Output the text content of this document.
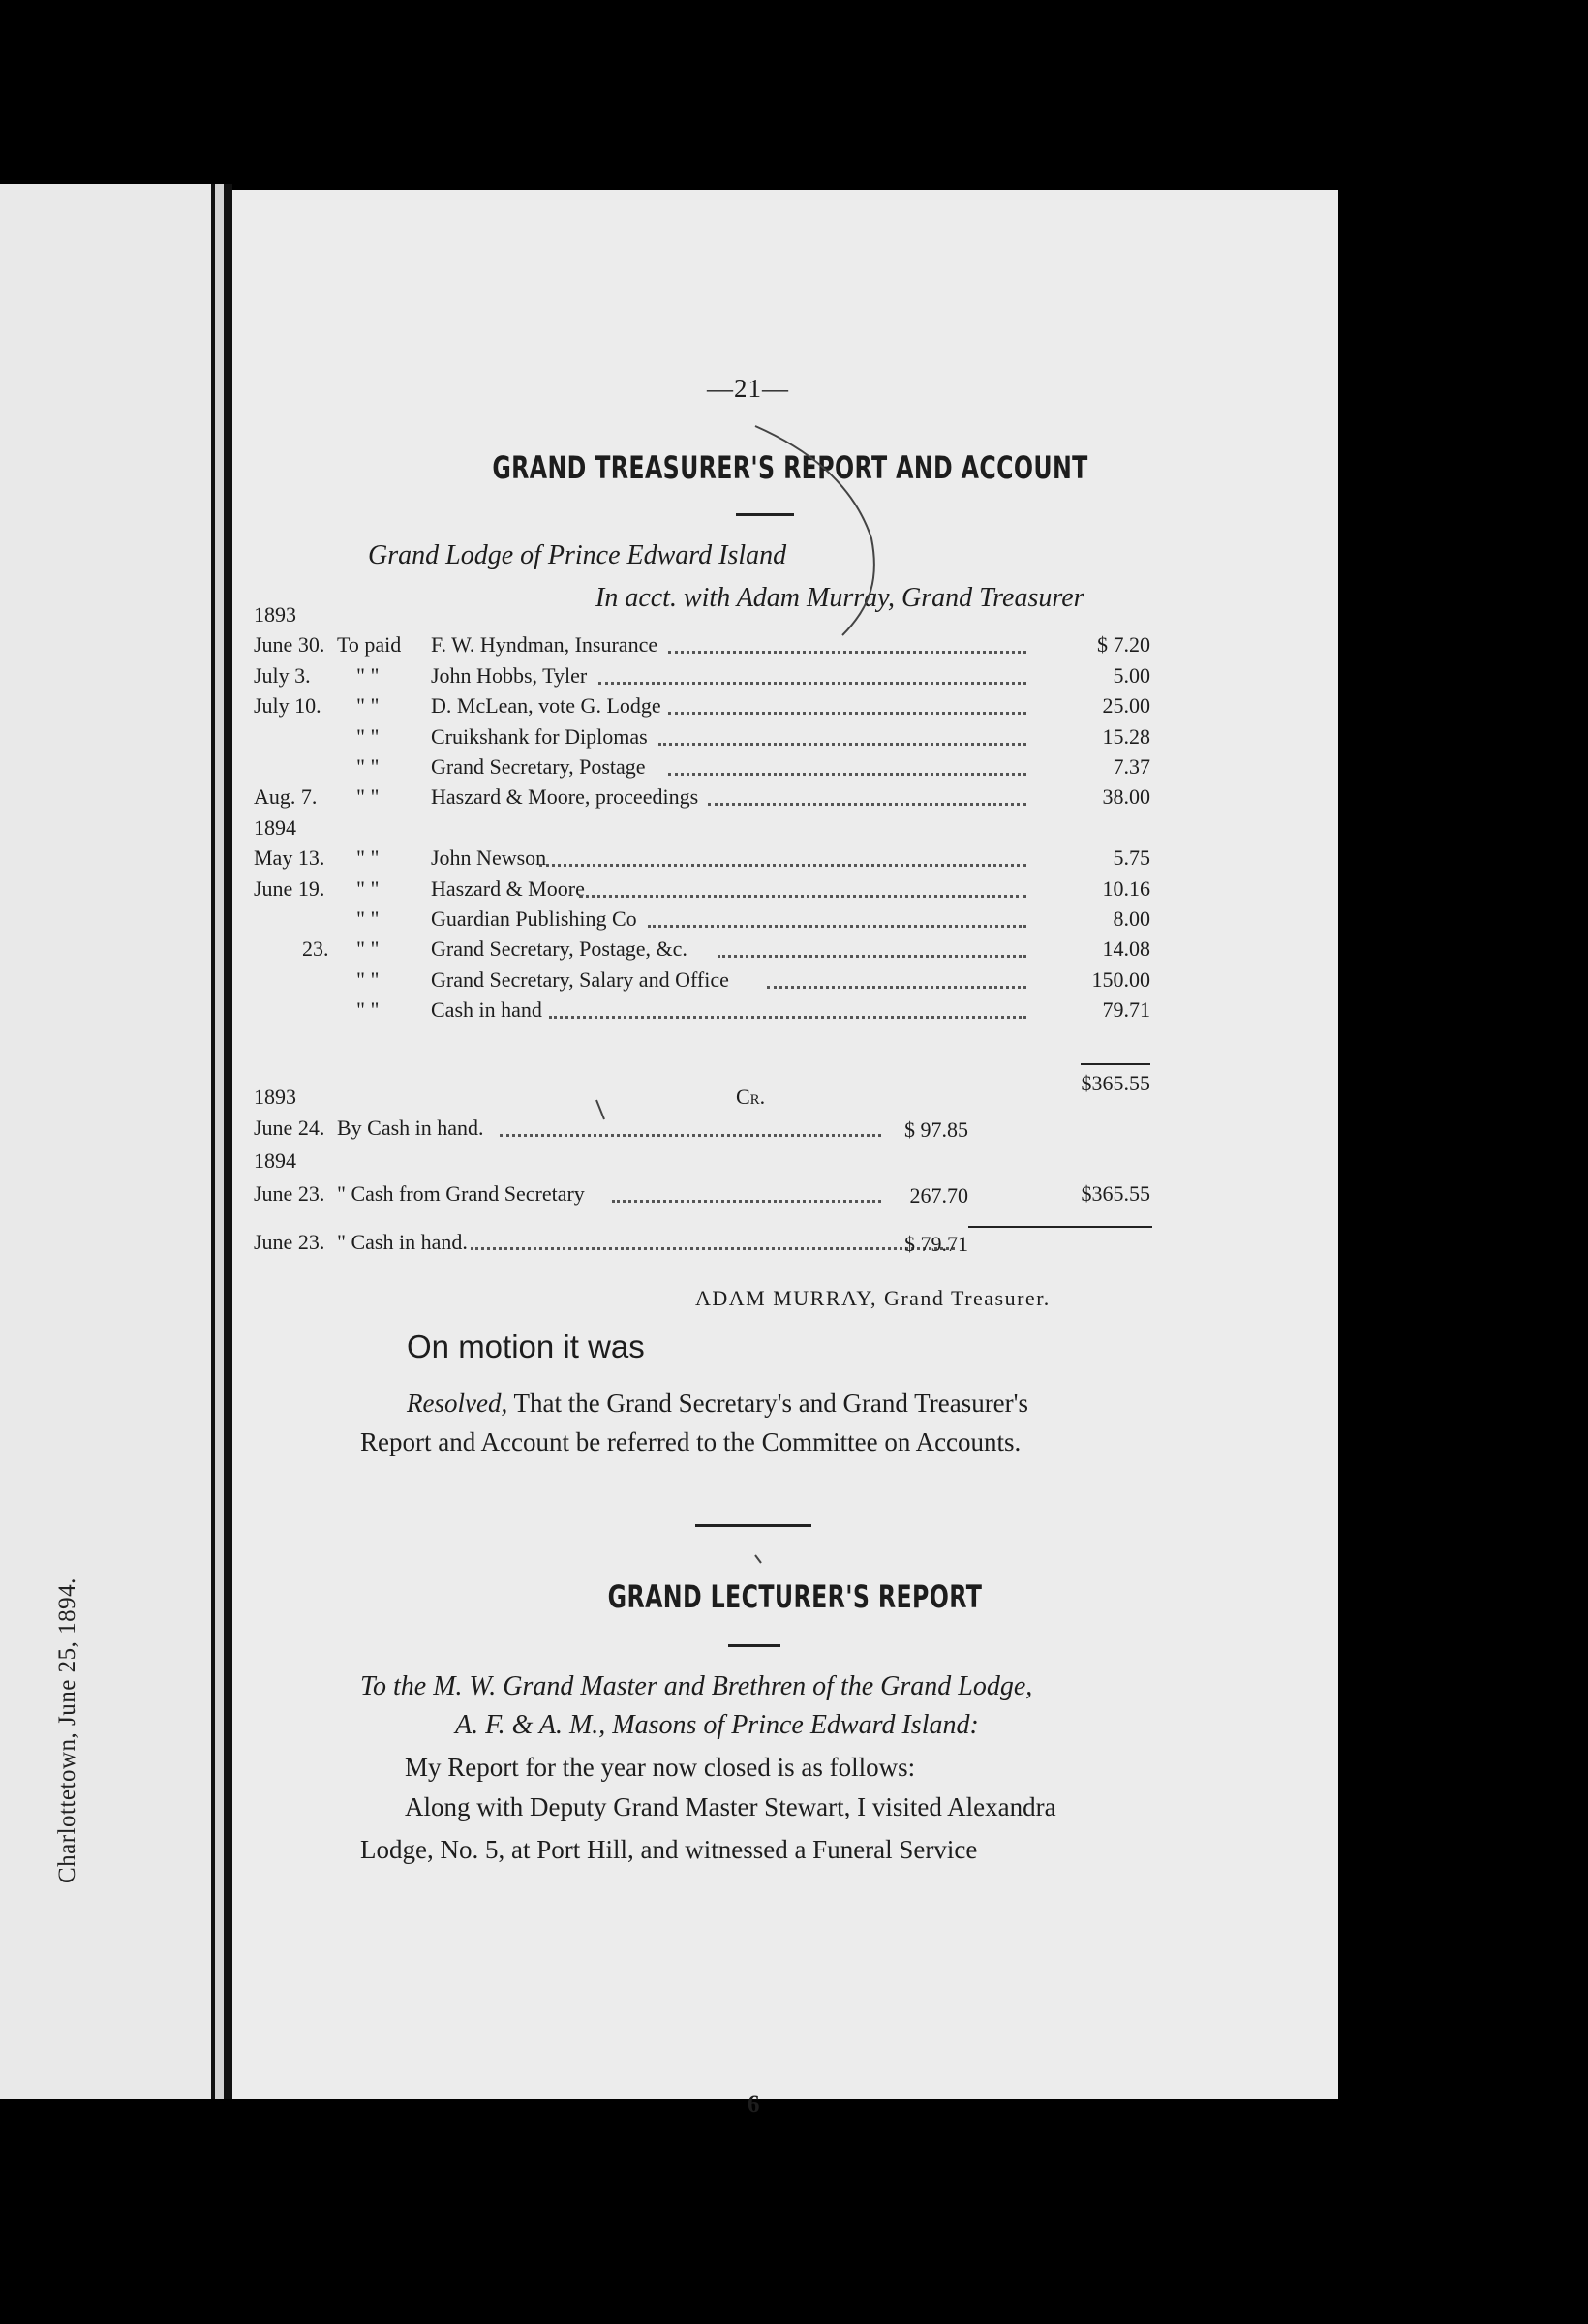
Charlottetown, June 25, 1894.
—21—
GRAND TREASURER'S REPORT AND ACCOUNT
Grand Lodge of Prince Edward Island
In acct. with Adam Murray, Grand Treasurer
1893
June 30. To paid F. W. Hyndman, Insurance	$ 7.20
July 3. " " John Hobbs, Tyler	5.00
July 10. " " D. McLean, vote G. Lodge	25.00
" " Cruikshank for Diplomas	15.28
" " Grand Secretary, Postage	7.37
Aug. 7. " " Haszard & Moore, proceedings	38.00
1894
May 13. " " John Newson	5.75
June 19. " " Haszard & Moore	10.16
" " Guardian Publishing Co	8.00
23. " " Grand Secretary, Postage, &c.	14.08
" " Grand Secretary, Salary and Office	150.00
" " Cash in hand	79.71
$365.55
1893	Cr.
June 24. By Cash in hand.	$ 97.85
1894
June 23. " Cash from Grand Secretary	267.70	$365.55
June 23. " Cash in hand.	$ 79.71
ADAM MURRAY, Grand Treasurer.
On motion it was
Resolved, That the Grand Secretary's and Grand Treasurer's
Report and Account be referred to the Committee on Accounts.
GRAND LECTURER'S REPORT
To the M. W. Grand Master and Brethren of the Grand Lodge,
A. F. & A. M., Masons of Prince Edward Island:
My Report for the year now closed is as follows:
Along with Deputy Grand Master Stewart, I visited Alexandra
Lodge, No. 5, at Port Hill, and witnessed a Funeral Service
6
